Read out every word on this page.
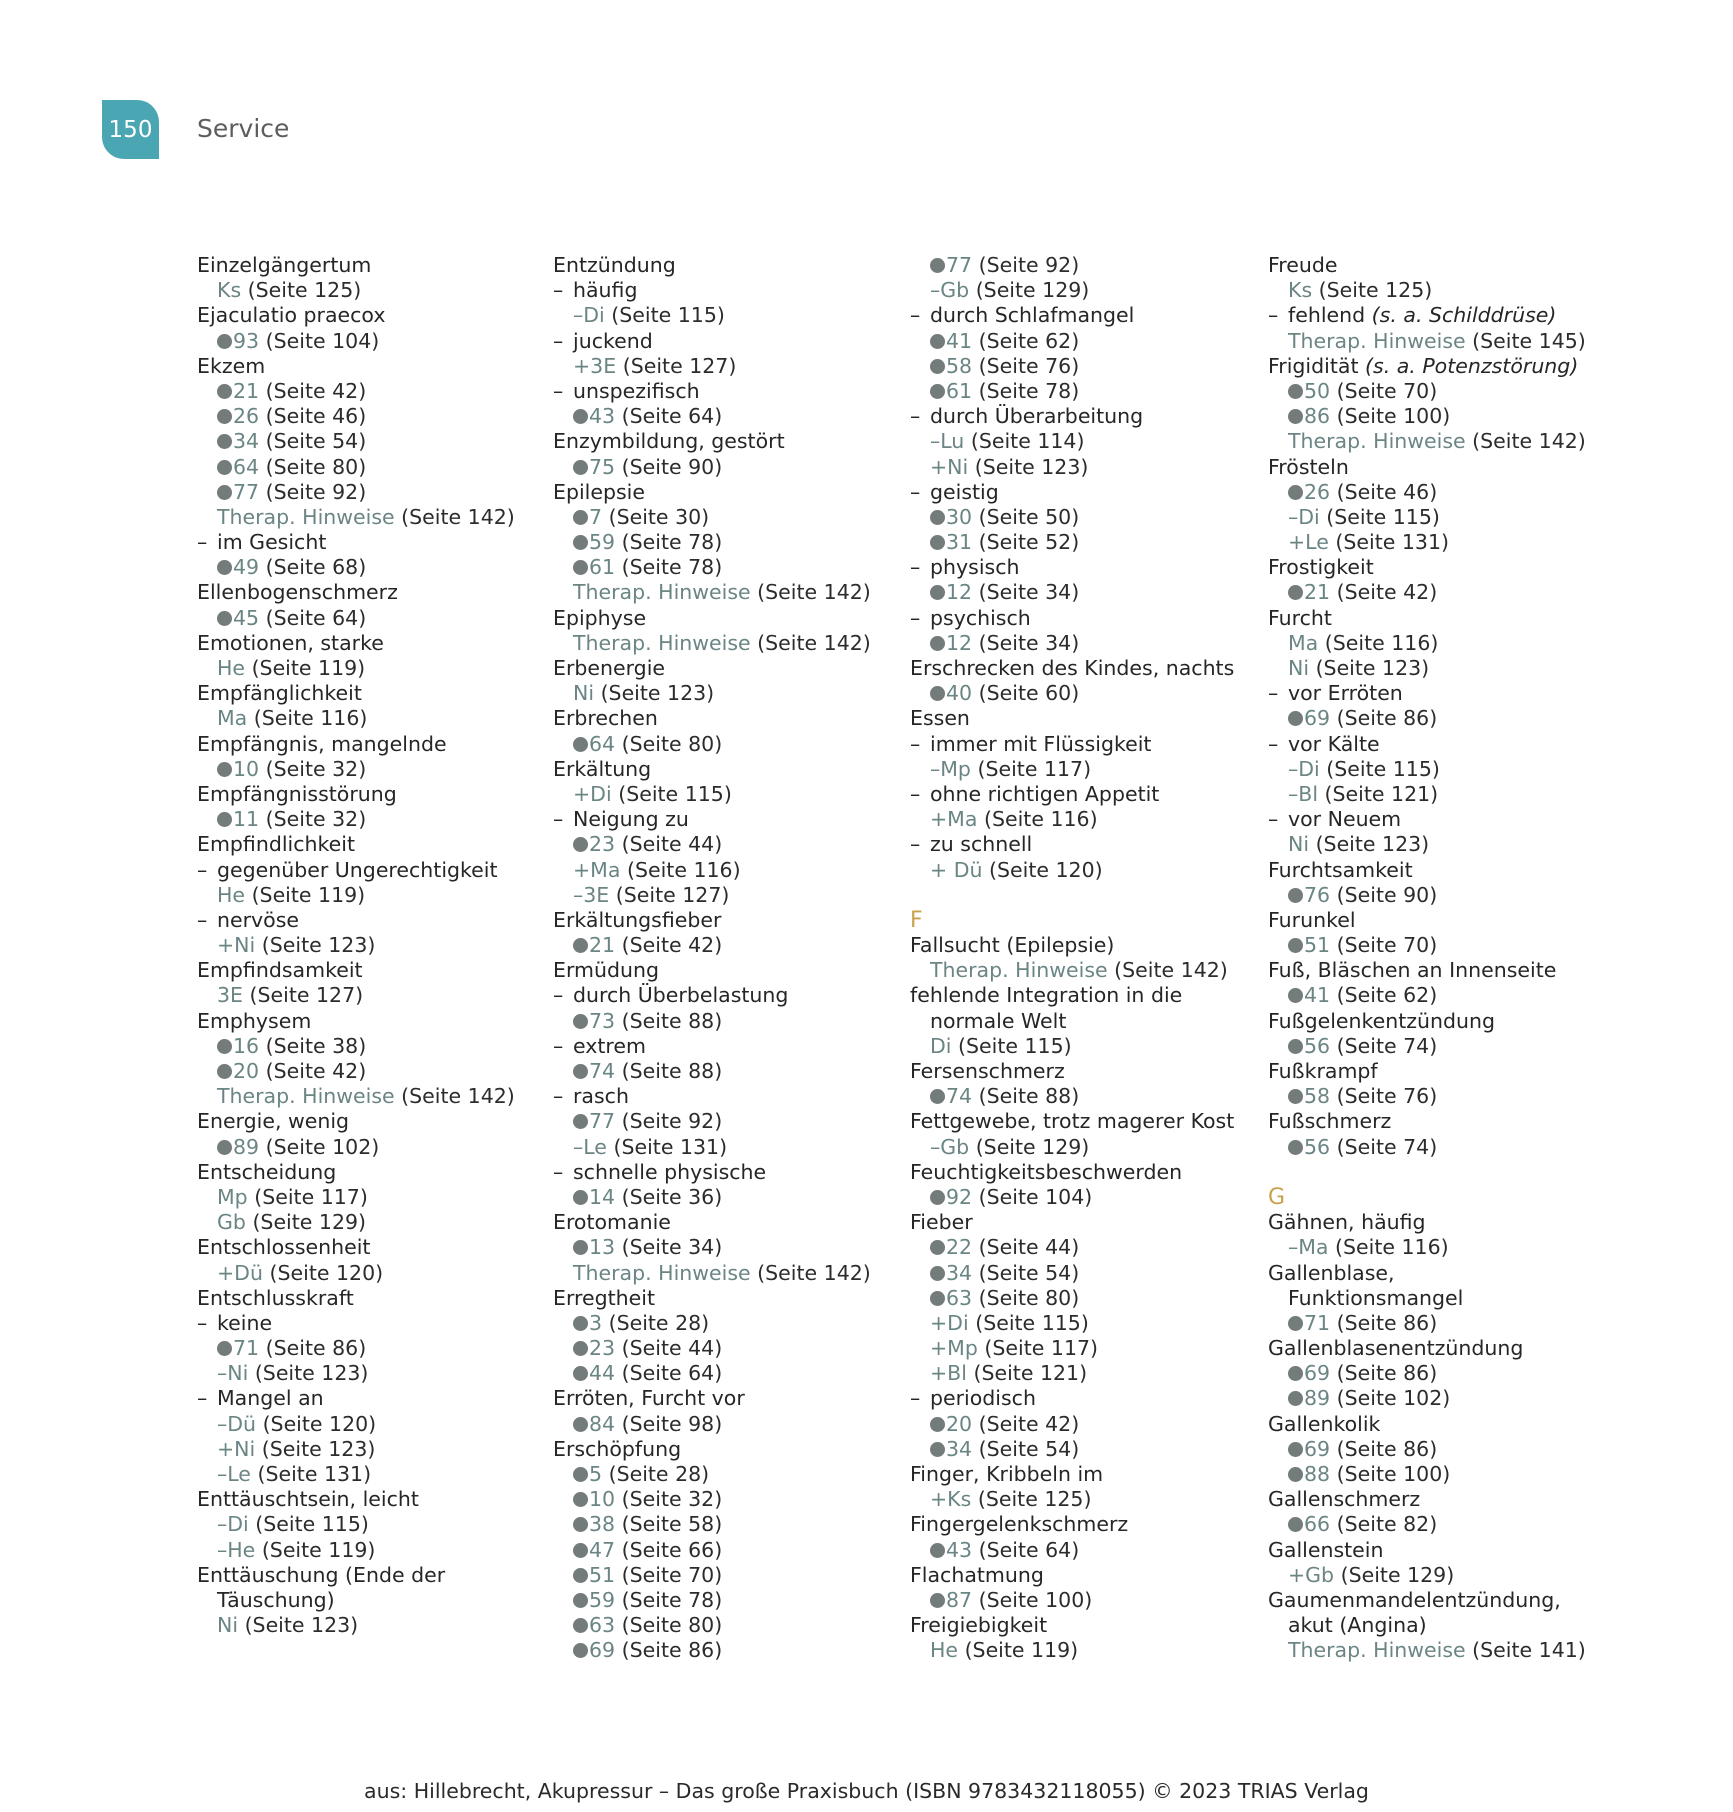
150 Service
Einzelgängertum
Ks (Seite 125)
Ejaculatio praecox
93 (Seite 104)
Ekzem
21 (Seite 42)
26 (Seite 46)
34 (Seite 54)
64 (Seite 80)
77 (Seite 92)
Therap. Hinweise (Seite 142)
– im Gesicht
49 (Seite 68)
Ellenbogenschmerz
45 (Seite 64)
Emotionen, starke
He (Seite 119)
Empfänglichkeit
Ma (Seite 116)
Empfängnis, mangelnde
10 (Seite 32)
Empfängnisstörung
11 (Seite 32)
Empfindlichkeit
– gegenüber Ungerechtigkeit
He (Seite 119)
– nervöse
+Ni (Seite 123)
Empfindsamkeit
3E (Seite 127)
Emphysem
16 (Seite 38)
20 (Seite 42)
Therap. Hinweise (Seite 142)
Energie, wenig
89 (Seite 102)
Entscheidung
Mp (Seite 117)
Gb (Seite 129)
Entschlossenheit
+Dü (Seite 120)
Entschlusskraft
– keine
71 (Seite 86)
–Ni (Seite 123)
– Mangel an
–Dü (Seite 120)
+Ni (Seite 123)
–Le (Seite 131)
Enttäuschtsein, leicht
–Di (Seite 115)
–He (Seite 119)
Enttäuschung (Ende der
Täuschung)
Ni (Seite 123)
Entzündung
– häufig
–Di (Seite 115)
– juckend
+3E (Seite 127)
– unspezifisch
43 (Seite 64)
Enzymbildung, gestört
75 (Seite 90)
Epilepsie
7 (Seite 30)
59 (Seite 78)
61 (Seite 78)
Therap. Hinweise (Seite 142)
Epiphyse
Therap. Hinweise (Seite 142)
Erbenergie
Ni (Seite 123)
Erbrechen
64 (Seite 80)
Erkältung
+Di (Seite 115)
– Neigung zu
23 (Seite 44)
+Ma (Seite 116)
–3E (Seite 127)
Erkältungsfieber
21 (Seite 42)
Ermüdung
– durch Überbelastung
73 (Seite 88)
– extrem
74 (Seite 88)
– rasch
77 (Seite 92)
–Le (Seite 131)
– schnelle physische
14 (Seite 36)
Erotomanie
13 (Seite 34)
Therap. Hinweise (Seite 142)
Erregtheit
3 (Seite 28)
23 (Seite 44)
44 (Seite 64)
Erröten, Furcht vor
84 (Seite 98)
Erschöpfung
5 (Seite 28)
10 (Seite 32)
38 (Seite 58)
47 (Seite 66)
51 (Seite 70)
59 (Seite 78)
63 (Seite 80)
69 (Seite 86)
77 (Seite 92)
–Gb (Seite 129)
– durch Schlafmangel
41 (Seite 62)
58 (Seite 76)
61 (Seite 78)
– durch Überarbeitung
–Lu (Seite 114)
+Ni (Seite 123)
– geistig
30 (Seite 50)
31 (Seite 52)
– physisch
12 (Seite 34)
– psychisch
12 (Seite 34)
Erschrecken des Kindes, nachts
40 (Seite 60)
Essen
– immer mit Flüssigkeit
–Mp (Seite 117)
– ohne richtigen Appetit
+Ma (Seite 116)
– zu schnell
+ Dü (Seite 120)
F
Fallsucht (Epilepsie)
Therap. Hinweise (Seite 142)
fehlende Integration in die
normale Welt
Di (Seite 115)
Fersenschmerz
74 (Seite 88)
Fettgewebe, trotz magerer Kost
–Gb (Seite 129)
Feuchtigkeitsbeschwerden
92 (Seite 104)
Fieber
22 (Seite 44)
34 (Seite 54)
63 (Seite 80)
+Di (Seite 115)
+Mp (Seite 117)
+Bl (Seite 121)
– periodisch
20 (Seite 42)
34 (Seite 54)
Finger, Kribbeln im
+Ks (Seite 125)
Fingergelenkschmerz
43 (Seite 64)
Flachatmung
87 (Seite 100)
Freigiebigkeit
He (Seite 119)
Freude
Ks (Seite 125)
– fehlend (s. a. Schilddrüse)
Therap. Hinweise (Seite 145)
Frigidität (s. a. Potenzstörung)
50 (Seite 70)
86 (Seite 100)
Therap. Hinweise (Seite 142)
Frösteln
26 (Seite 46)
–Di (Seite 115)
+Le (Seite 131)
Frostigkeit
21 (Seite 42)
Furcht
Ma (Seite 116)
Ni (Seite 123)
– vor Erröten
69 (Seite 86)
– vor Kälte
–Di (Seite 115)
–Bl (Seite 121)
– vor Neuem
Ni (Seite 123)
Furchtsamkeit
76 (Seite 90)
Furunkel
51 (Seite 70)
Fuß, Bläschen an Innenseite
41 (Seite 62)
Fußgelenkentzündung
56 (Seite 74)
Fußkrampf
58 (Seite 76)
Fußschmerz
56 (Seite 74)
G
Gähnen, häufig
–Ma (Seite 116)
Gallenblase,
Funktionsmangel
71 (Seite 86)
Gallenblasenentzündung
69 (Seite 86)
89 (Seite 102)
Gallenkolik
69 (Seite 86)
88 (Seite 100)
Gallenschmerz
66 (Seite 82)
Gallenstein
+Gb (Seite 129)
Gaumenmandelentzündung,
akut (Angina)
Therap. Hinweise (Seite 141)
aus: Hillebrecht, Akupressur – Das große Praxisbuch (ISBN 9783432118055) © 2023 TRIAS Verlag
